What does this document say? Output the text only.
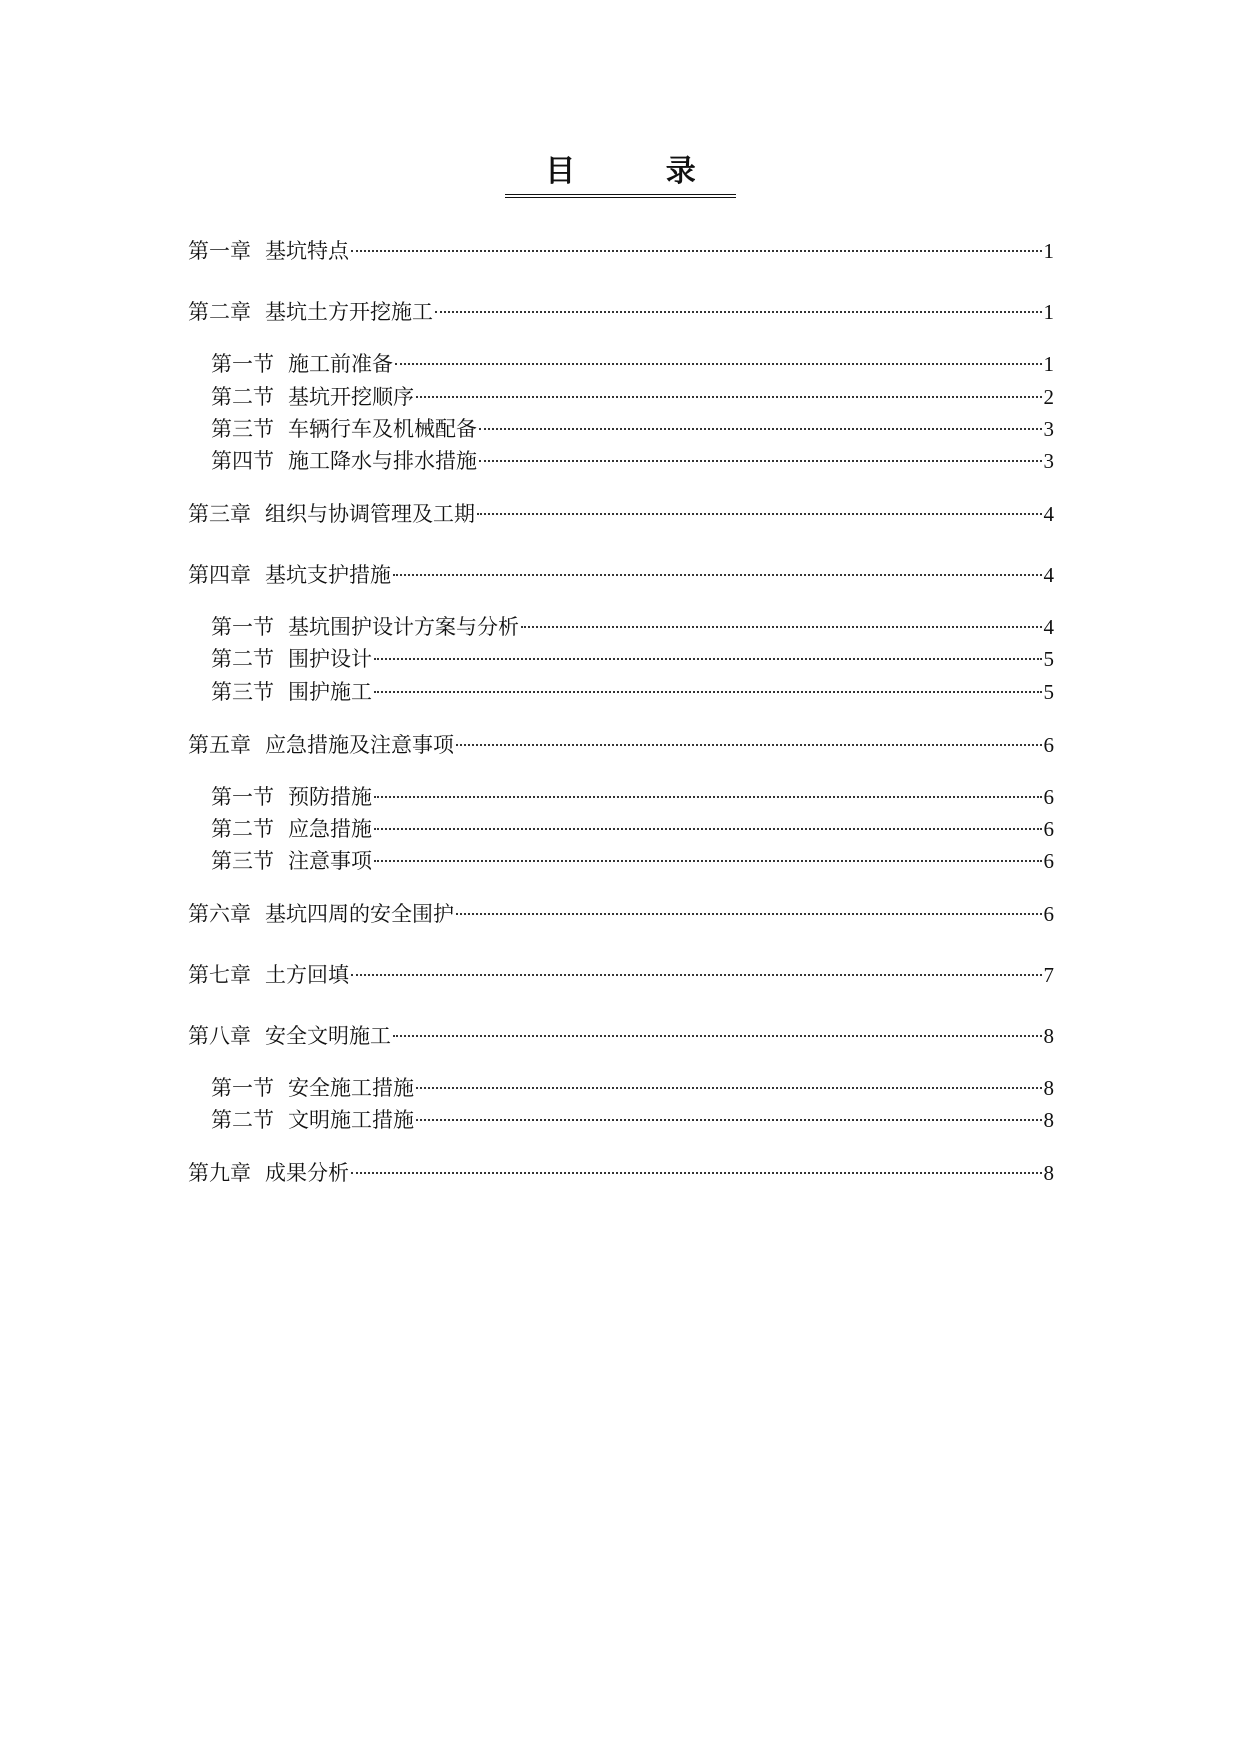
目 录
第一章 基坑特点	1
第二章 基坑土方开挖施工	1
第一节 施工前准备	1
第二节 基坑开挖顺序	2
第三节 车辆行车及机械配备	3
第四节 施工降水与排水措施	3
第三章 组织与协调管理及工期	4
第四章 基坑支护措施	4
第一节 基坑围护设计方案与分析	4
第二节 围护设计	5
第三节 围护施工	5
第五章 应急措施及注意事项	6
第一节 预防措施	6
第二节 应急措施	6
第三节 注意事项	6
第六章 基坑四周的安全围护	6
第七章 土方回填	7
第八章 安全文明施工	8
第一节 安全施工措施	8
第二节 文明施工措施	8
第九章 成果分析	8
